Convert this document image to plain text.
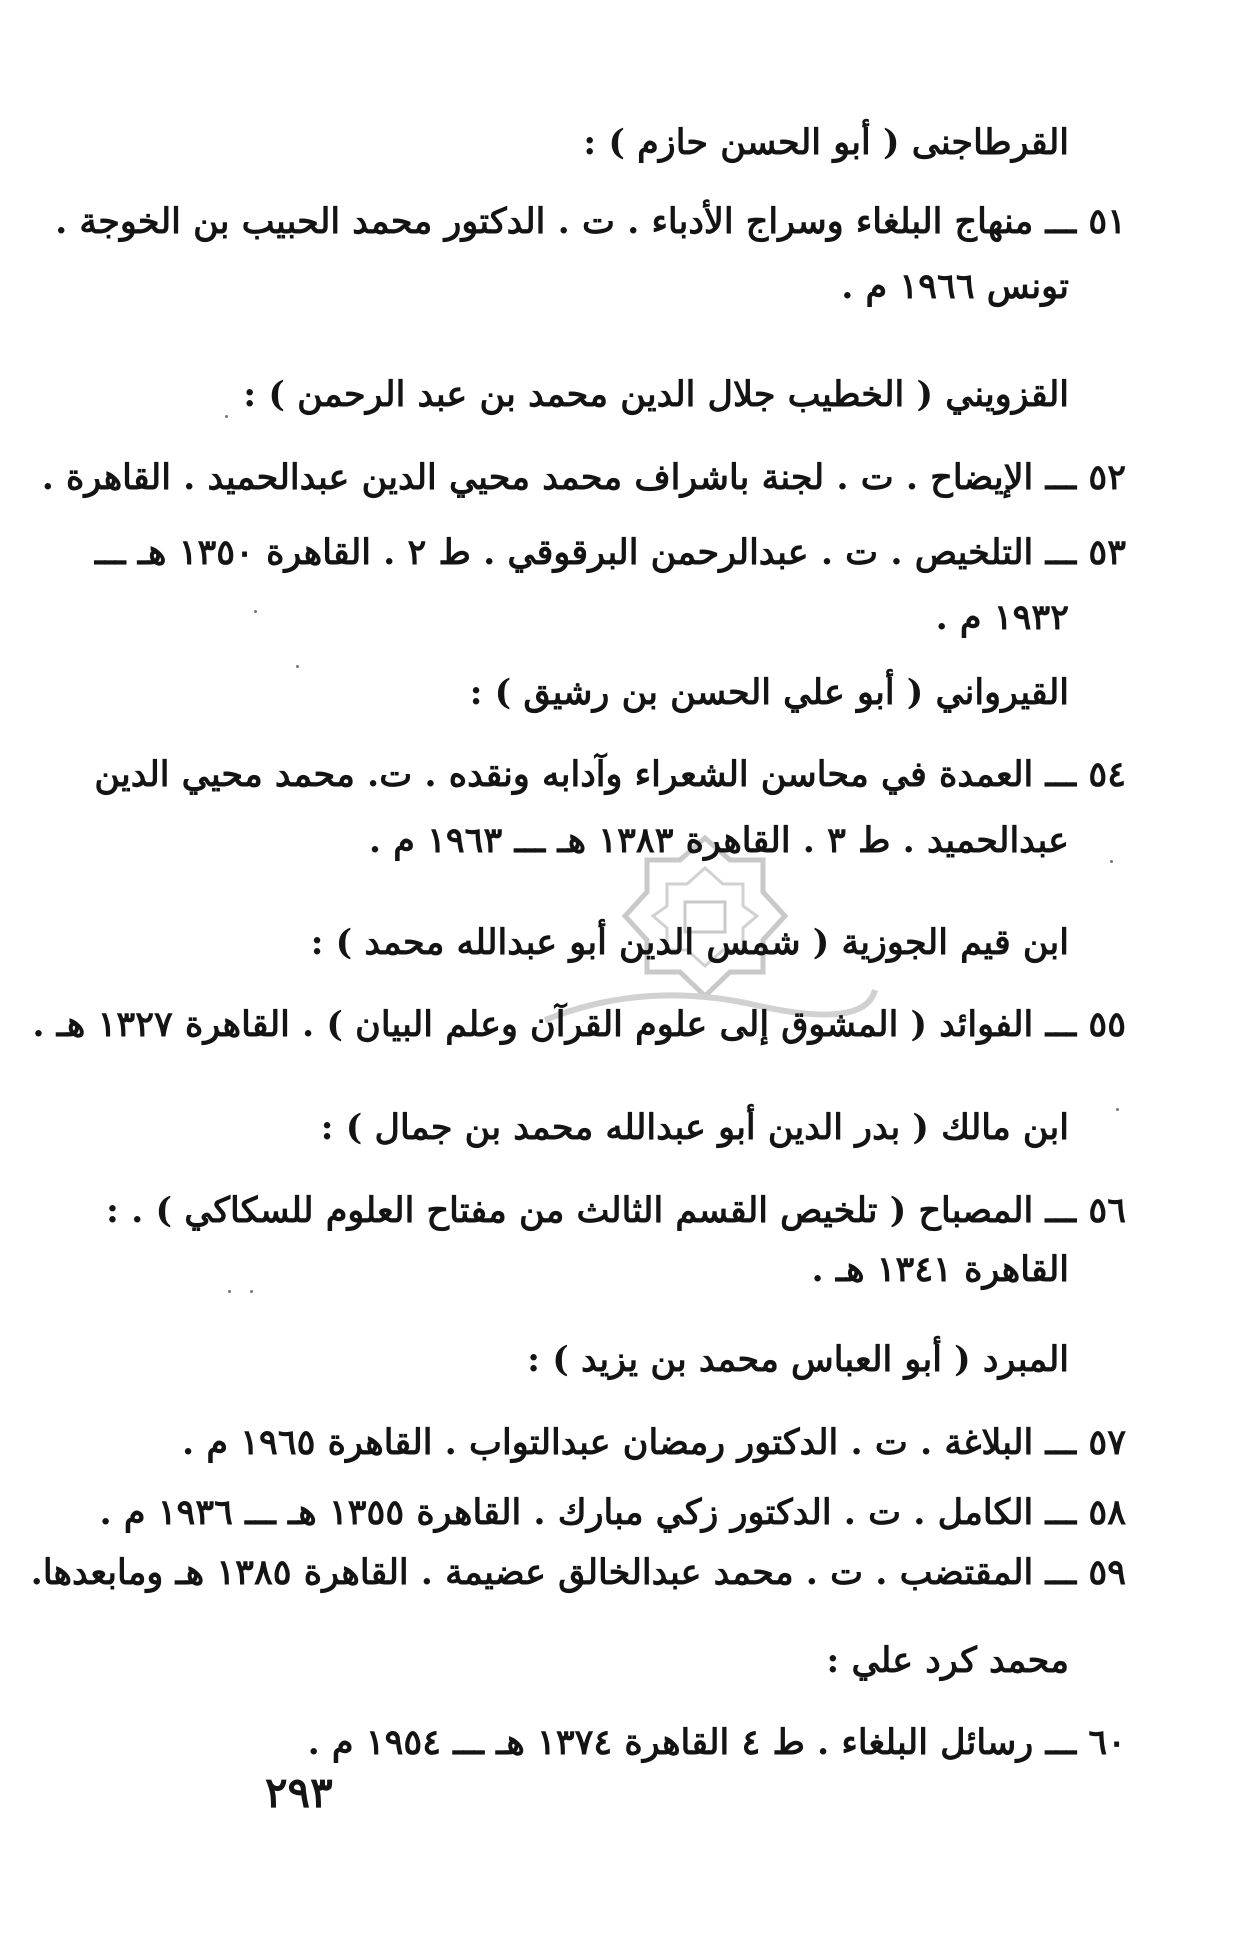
القرطاجنى ( أبو الحسن حازم ) :
٥١ ـــ منهاج البلغاء وسراج الأدباء . ت . الدكتور محمد الحبيب بن الخوجة .
تونس ١٩٦٦ م .
القزويني ( الخطيب جلال الدين محمد بن عبد الرحمن ) :
٥٢ ـــ الإيضاح . ت . لجنة باشراف محمد محيي الدين عبدالحميد . القاهرة .
٥٣ ـــ التلخيص . ت . عبدالرحمن البرقوقي . ط ٢ . القاهرة ١٣٥٠ هـ ـــ
١٩٣٢ م .
القيرواني ( أبو علي الحسن بن رشيق ) :
٥٤ ـــ العمدة في محاسن الشعراء وآدابه ونقده . ت. محمد محيي الدين
عبدالحميد . ط ٣ . القاهرة ١٣٨٣ هـ ـــ ١٩٦٣ م .
ابن قيم الجوزية ( شمس الدين أبو عبدالله محمد ) :
٥٥ ـــ الفوائد ( المشوق إلى علوم القرآن وعلم البيان ) . القاهرة ١٣٢٧ هـ .
ابن مالك ( بدر الدين أبو عبدالله محمد بن جمال ) :
٥٦ ـــ المصباح ( تلخيص القسم الثالث من مفتاح العلوم للسكاكي ) . :
القاهرة ١٣٤١ هـ .
المبرد ( أبو العباس محمد بن يزيد ) :
٥٧ ـــ البلاغة . ت . الدكتور رمضان عبدالتواب . القاهرة ١٩٦٥ م .
٥٨ ـــ الكامل . ت . الدكتور زكي مبارك . القاهرة ١٣٥٥ هـ ـــ ١٩٣٦ م .
٥٩ ـــ المقتضب . ت . محمد عبدالخالق عضيمة . القاهرة ١٣٨٥ هـ ومابعدها.
محمد كرد علي :
٦٠ ـــ رسائل البلغاء . ط ٤ القاهرة ١٣٧٤ هـ ـــ ١٩٥٤ م .
٢٩٣
